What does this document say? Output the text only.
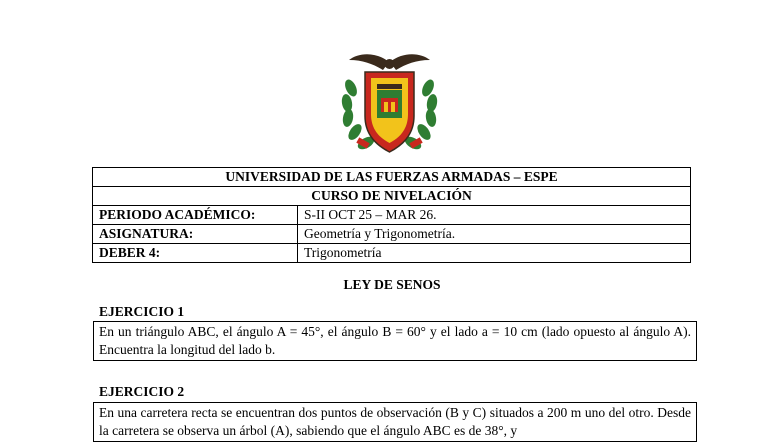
UNIVERSIDAD DE LAS FUERZAS ARMADAS – ESPE	
CURSO DE NIVELACIÓN	
PERIODO ACADÉMICO:	S-II OCT 25 – MAR 26.
ASIGNATURA:	Geometría y Trigonometría.
DEBER 4:	Trigonometría
LEY DE SENOS
EJERCICIO 1
En un triángulo ABC, el ángulo A = 45°, el ángulo B = 60° y el lado a = 10 cm (lado opuesto al ángulo A). Encuentra la longitud del lado b.
EJERCICIO 2
En una carretera recta se encuentran dos puntos de observación (B y C) situados a 200 m uno del otro. Desde la carretera se observa un árbol (A), sabiendo que el ángulo ABC es de 38°, y
